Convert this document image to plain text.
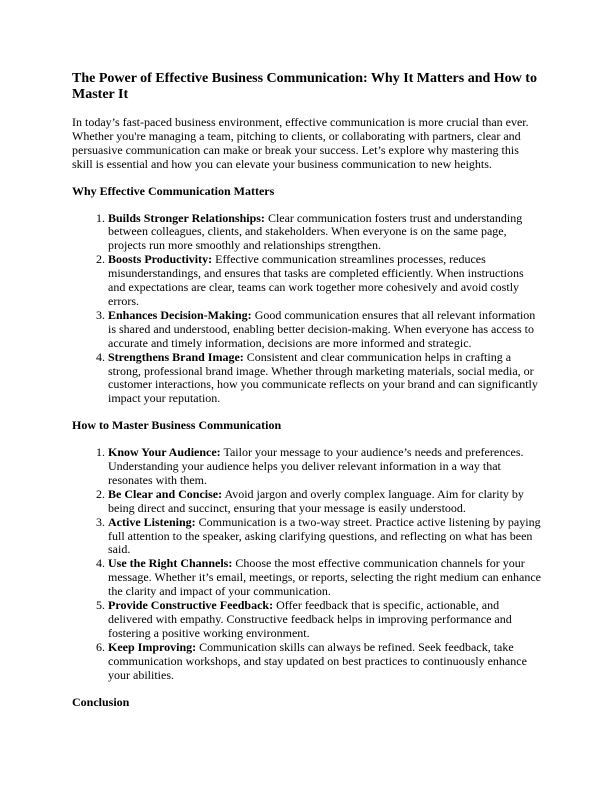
The Power of Effective Business Communication: Why It Matters and How to Master It

In today’s fast-paced business environment, effective communication is more crucial than ever. Whether you're managing a team, pitching to clients, or collaborating with partners, clear and persuasive communication can make or break your success. Let’s explore why mastering this skill is essential and how you can elevate your business communication to new heights.

Why Effective Communication Matters
1. Builds Stronger Relationships: Clear communication fosters trust and understanding between colleagues, clients, and stakeholders. When everyone is on the same page, projects run more smoothly and relationships strengthen.
2. Boosts Productivity: Effective communication streamlines processes, reduces misunderstandings, and ensures that tasks are completed efficiently. When instructions and expectations are clear, teams can work together more cohesively and avoid costly errors.
3. Enhances Decision-Making: Good communication ensures that all relevant information is shared and understood, enabling better decision-making. When everyone has access to accurate and timely information, decisions are more informed and strategic.
4. Strengthens Brand Image: Consistent and clear communication helps in crafting a strong, professional brand image. Whether through marketing materials, social media, or customer interactions, how you communicate reflects on your brand and can significantly impact your reputation.
How to Master Business Communication
1. Know Your Audience: Tailor your message to your audience’s needs and preferences. Understanding your audience helps you deliver relevant information in a way that resonates with them.
2. Be Clear and Concise: Avoid jargon and overly complex language. Aim for clarity by being direct and succinct, ensuring that your message is easily understood.
3. Active Listening: Communication is a two-way street. Practice active listening by paying full attention to the speaker, asking clarifying questions, and reflecting on what has been said.
4. Use the Right Channels: Choose the most effective communication channels for your message. Whether it’s email, meetings, or reports, selecting the right medium can enhance the clarity and impact of your communication.
5. Provide Constructive Feedback: Offer feedback that is specific, actionable, and delivered with empathy. Constructive feedback helps in improving performance and fostering a positive working environment.
6. Keep Improving: Communication skills can always be refined. Seek feedback, take communication workshops, and stay updated on best practices to continuously enhance your abilities.
Conclusion
